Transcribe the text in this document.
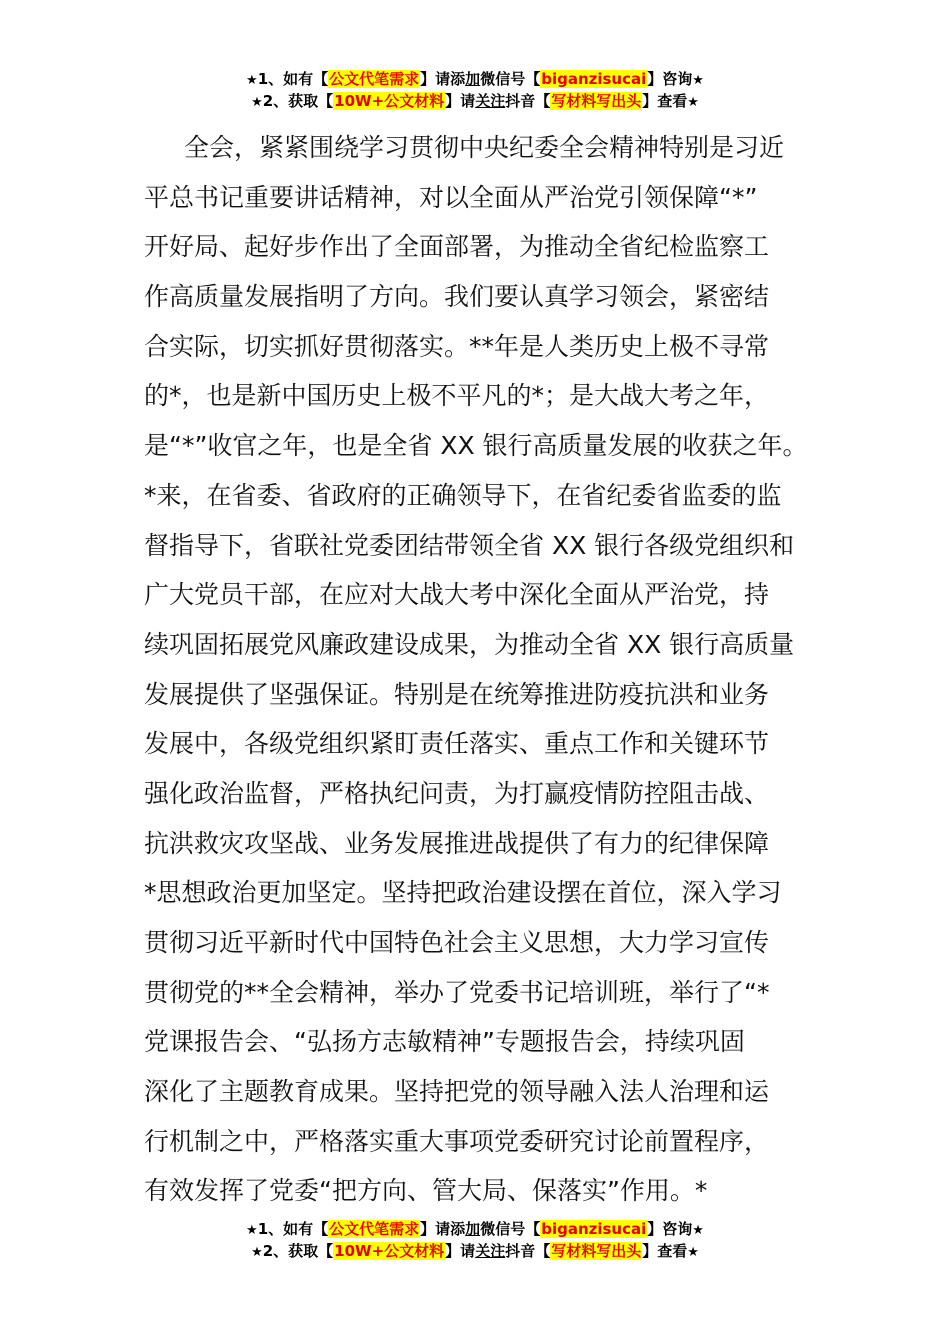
★1、如有【公文代笔需求】请添加微信号【biganzisucai】咨询★
★2、获取【10W+公文材料】请关注抖音【写材料写出头】查看★
全会，紧紧围绕学习贯彻中央纪委全会精神特别是习近
平总书记重要讲话精神，对以全面从严治党引领保障“*”
开好局、起好步作出了全面部署，为推动全省纪检监察工
作高质量发展指明了方向。我们要认真学习领会，紧密结
合实际，切实抓好贯彻落实。**年是人类历史上极不寻常
的*，也是新中国历史上极不平凡的*；是大战大考之年，
是“*”收官之年，也是全省 XX 银行高质量发展的收获之年。
*来，在省委、省政府的正确领导下，在省纪委省监委的监
督指导下，省联社党委团结带领全省 XX 银行各级党组织和
广大党员干部，在应对大战大考中深化全面从严治党，持
续巩固拓展党风廉政建设成果，为推动全省 XX 银行高质量
发展提供了坚强保证。特别是在统筹推进防疫抗洪和业务
发展中，各级党组织紧盯责任落实、重点工作和关键环节
强化政治监督，严格执纪问责，为打赢疫情防控阻击战、
抗洪救灾攻坚战、业务发展推进战提供了有力的纪律保障
*思想政治更加坚定。坚持把政治建设摆在首位，深入学习
贯彻习近平新时代中国特色社会主义思想，大力学习宣传
贯彻党的**全会精神，举办了党委书记培训班，举行了“*
党课报告会、“弘扬方志敏精神”专题报告会，持续巩固
深化了主题教育成果。坚持把党的领导融入法人治理和运
行机制之中，严格落实重大事项党委研究讨论前置程序，
有效发挥了党委“把方向、管大局、保落实”作用。*
★1、如有【公文代笔需求】请添加微信号【biganzisucai】咨询★
★2、获取【10W+公文材料】请关注抖音【写材料写出头】查看★
